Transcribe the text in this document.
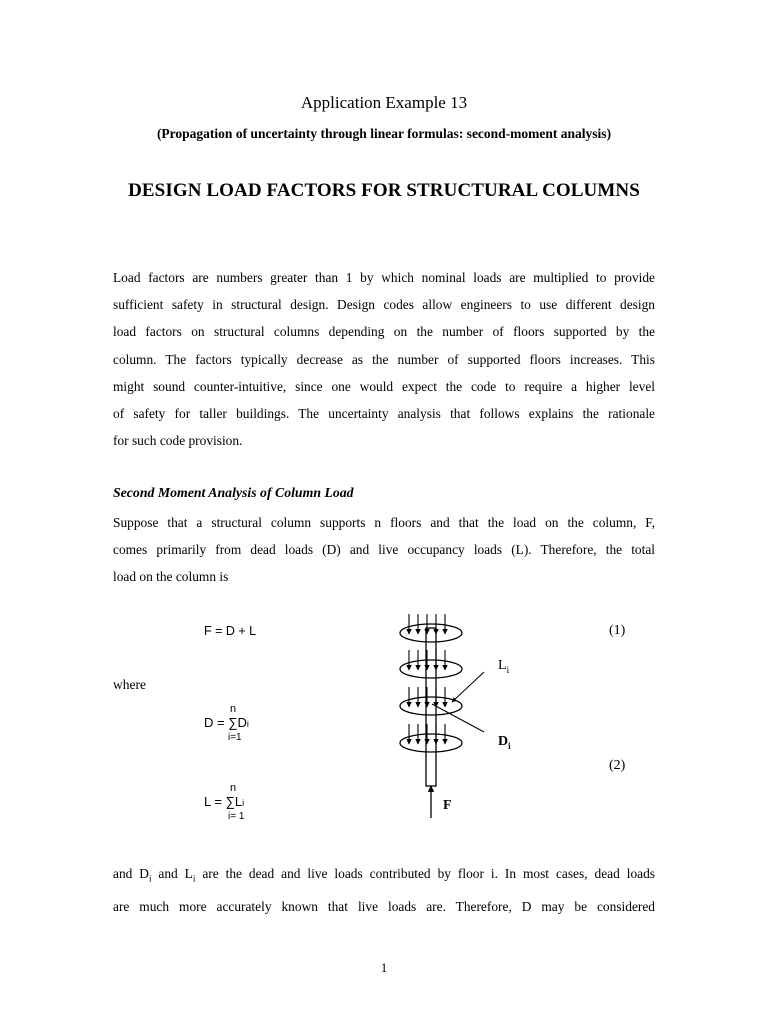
Application Example 13
(Propagation of uncertainty through linear formulas: second-moment analysis)
DESIGN LOAD FACTORS FOR STRUCTURAL COLUMNS
Load factors are numbers greater than 1 by which nominal loads are multiplied to provide
sufficient safety in structural design. Design codes allow engineers to use different design
load factors on structural columns depending on the number of floors supported by the
column. The factors typically decrease as the number of supported floors increases. This
might sound counter-intuitive, since one would expect the code to require a higher level
of safety for taller buildings. The uncertainty analysis that follows explains the rationale
for such code provision.
Second Moment Analysis of Column Load
Suppose that a structural column supports n floors and that the load on the column, F,
comes primarily from dead loads (D) and live occupancy loads (L). Therefore, the total
load on the column is
F = D + L	(1)
where
n
D = ∑Di
i=1
n
L = ∑Li
i= 1
(2)
$L_i$
$D_i$
F
and $D_i$ and $L_i$ are the dead and live loads contributed by floor i. In most cases, dead loads
are much more accurately known that live loads are. Therefore, D may be considered
1
